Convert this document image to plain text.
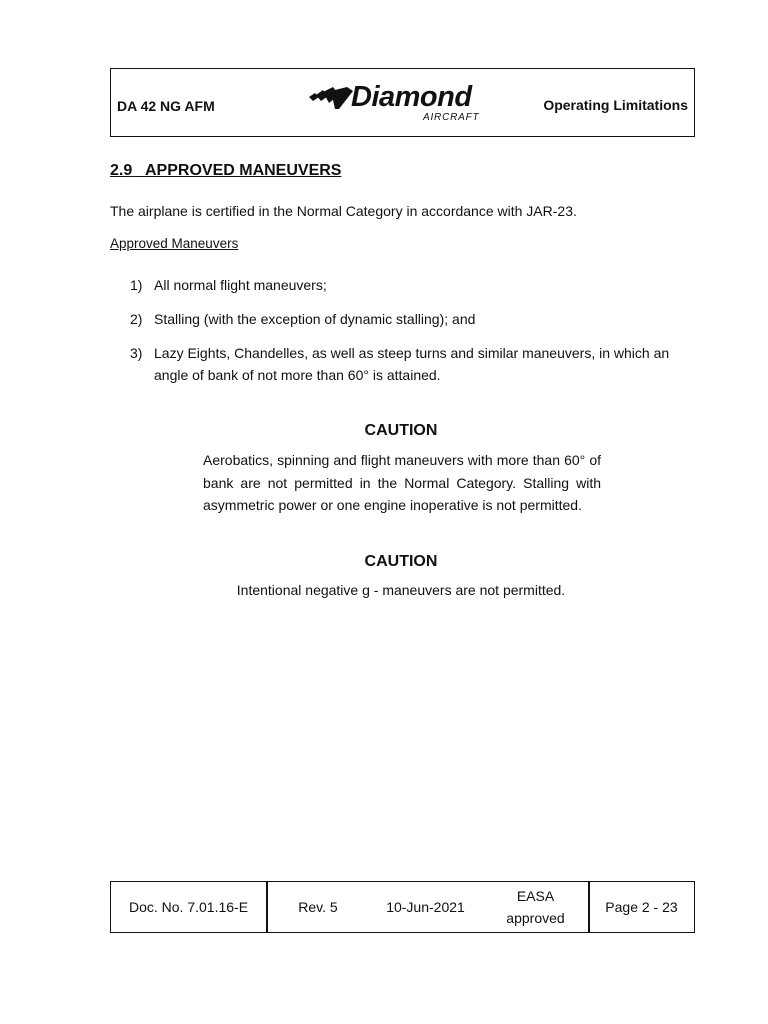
DA 42 NG AFM	Diamond
AIRCRAFT
Operating Limitations
2.9 APPROVED MANEUVERS
The airplane is certified in the Normal Category in accordance with JAR-23.
Approved Maneuvers
1) All normal flight maneuvers;
2) Stalling (with the exception of dynamic stalling); and
3) Lazy Eights, Chandelles, as well as steep turns and similar maneuvers, in which an angle of bank of not more than 60° is attained.
CAUTION
Aerobatics, spinning and flight maneuvers with more than 60° of bank are not permitted in the Normal Category. Stalling with asymmetric power or one engine inoperative is not permitted.
CAUTION
Intentional negative g - maneuvers are not permitted.
Doc. No. 7.01.16-E	Rev. 5	10-Jun-2021
EASA
approved
Page 2 - 23
